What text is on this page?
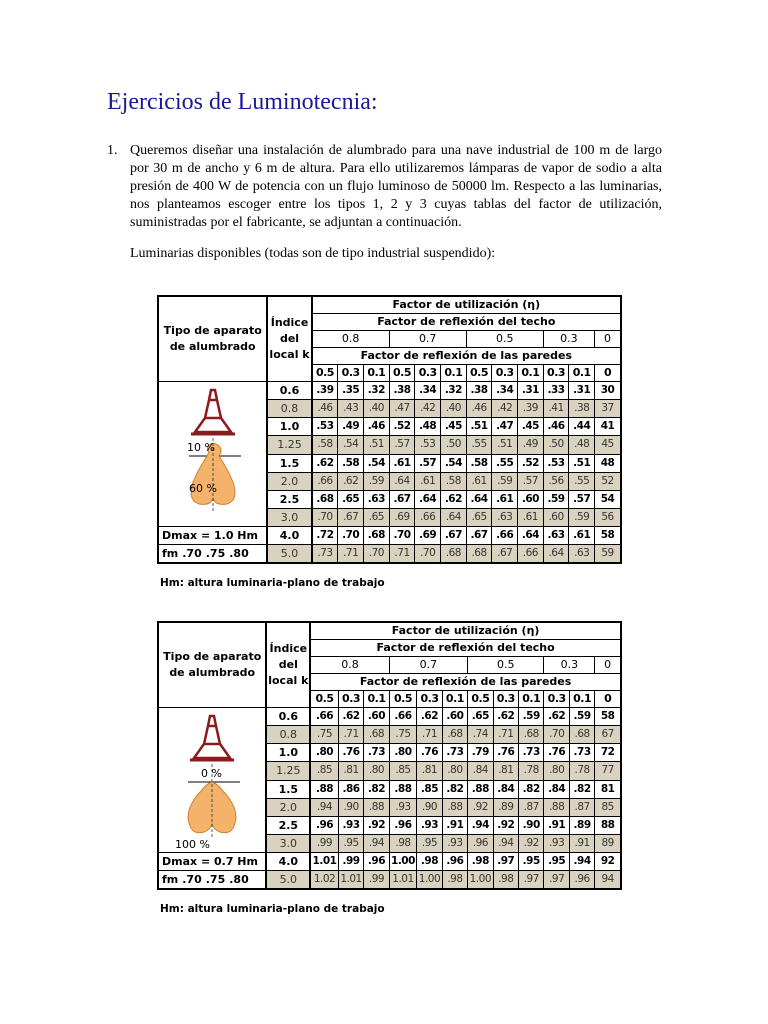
Ejercicios de Luminotecnia:
1. Queremos diseñar una instalación de alumbrado para una nave industrial de 100 m de largo por 30 m de ancho y 6 m de altura. Para ello utilizaremos lámparas de vapor de sodio a alta presión de 400 W de potencia con un flujo luminoso de 50000 lm. Respecto a las luminarias, nos planteamos escoger entre los tipos 1, 2 y 3 cuyas tablas del factor de utilización, suministradas por el fabricante, se adjuntan a continuación.
Luminarias disponibles (todas son de tipo industrial suspendido):
Tipo de aparato de alumbrado	Índice del local k	Factor de utilización (η)											
		Factor de reflexión del techo											
		0.8			0.7			0.5			0.3		0
		Factor de reflexión de las paredes											
		0.5	0.3	0.1	0.5	0.3	0.1	0.5	0.3	0.1	0.3	0.1	0

10 %
60 %	0.6	.39	.35	.32	.38	.34	.32	.38	.34	.31	.33	.31	30
	0.8	.46	.43	.40	.47	.42	.40	.46	.42	.39	.41	.38	37
	1.0	.53	.49	.46	.52	.48	.45	.51	.47	.45	.46	.44	41
	1.25	.58	.54	.51	.57	.53	.50	.55	.51	.49	.50	.48	45
	1.5	.62	.58	.54	.61	.57	.54	.58	.55	.52	.53	.51	48
	2.0	.66	.62	.59	.64	.61	.58	.61	.59	.57	.56	.55	52
	2.5	.68	.65	.63	.67	.64	.62	.64	.61	.60	.59	.57	54
	3.0	.70	.67	.65	.69	.66	.64	.65	.63	.61	.60	.59	56
Dmax = 1.0 Hm	4.0	.72	.70	.68	.70	.69	.67	.67	.66	.64	.63	.61	58
fm .70 .75 .80	5.0	.73	.71	.70	.71	.70	.68	.68	.67	.66	.64	.63	59
Hm: altura luminaria-plano de trabajo
Tipo de aparato de alumbrado	Índice del local k	Factor de utilización (η)											
		Factor de reflexión del techo											
		0.8			0.7			0.5			0.3		0
		Factor de reflexión de las paredes											
		0.5	0.3	0.1	0.5	0.3	0.1	0.5	0.3	0.1	0.3	0.1	0

0 %
100 %	0.6	.66	.62	.60	.66	.62	.60	.65	.62	.59	.62	.59	58
	0.8	.75	.71	.68	.75	.71	.68	.74	.71	.68	.70	.68	67
	1.0	.80	.76	.73	.80	.76	.73	.79	.76	.73	.76	.73	72
	1.25	.85	.81	.80	.85	.81	.80	.84	.81	.78	.80	.78	77
	1.5	.88	.86	.82	.88	.85	.82	.88	.84	.82	.84	.82	81
	2.0	.94	.90	.88	.93	.90	.88	.92	.89	.87	.88	.87	85
	2.5	.96	.93	.92	.96	.93	.91	.94	.92	.90	.91	.89	88
	3.0	.99	.95	.94	.98	.95	.93	.96	.94	.92	.93	.91	89
Dmax = 0.7 Hm	4.0	1.01	.99	.96	1.00	.98	.96	.98	.97	.95	.95	.94	92
fm .70 .75 .80	5.0	1.02	1.01	.99	1.01	1.00	.98	1.00	.98	.97	.97	.96	94
Hm: altura luminaria-plano de trabajo
